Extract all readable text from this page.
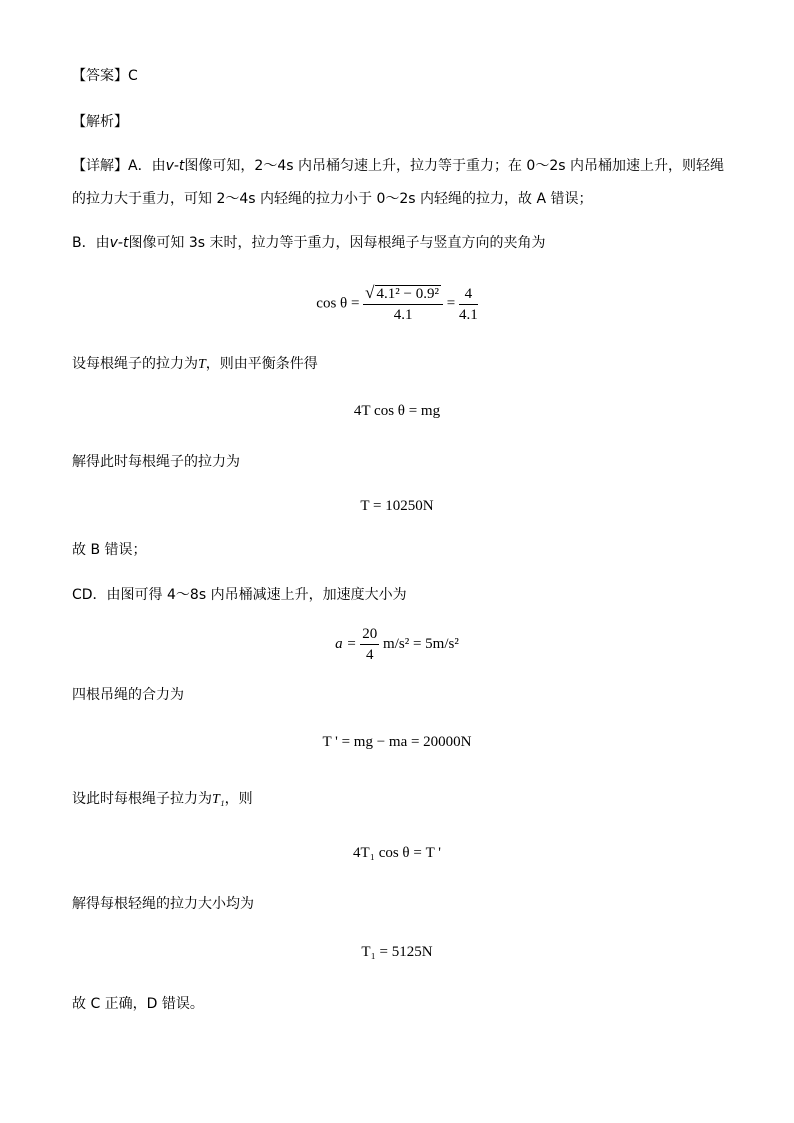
【答案】C
【解析】
【详解】A．由v-t图像可知，2～4s 内吊桶匀速上升，拉力等于重力；在 0～2s 内吊桶加速上升，则轻绳
的拉力大于重力，可知 2～4s 内轻绳的拉力小于 0～2s 内轻绳的拉力，故 A 错误；
B．由v-t图像可知 3s 末时，拉力等于重力，因每根绳子与竖直方向的夹角为
$\cos \theta = \frac{\text{√ 4.1² − 0.9²}}{4.1} = \frac{4}{4.1}$
设每根绳子的拉力为T，则由平衡条件得
4T cos θ = mg
解得此时每根绳子的拉力为
T = 10250N
故 B 错误；
CD．由图可得 4～8s 内吊桶减速上升，加速度大小为
$a = \frac{20}{4} m/s^2 = 5m/s^2$
四根吊绳的合力为
T ' = mg − ma = 20000N
设此时每根绳子拉力为T₁，则
4T₁ cos θ = T '
解得每根轻绳的拉力大小均为
T₁ = 5125N
故 C 正确，D 错误。
